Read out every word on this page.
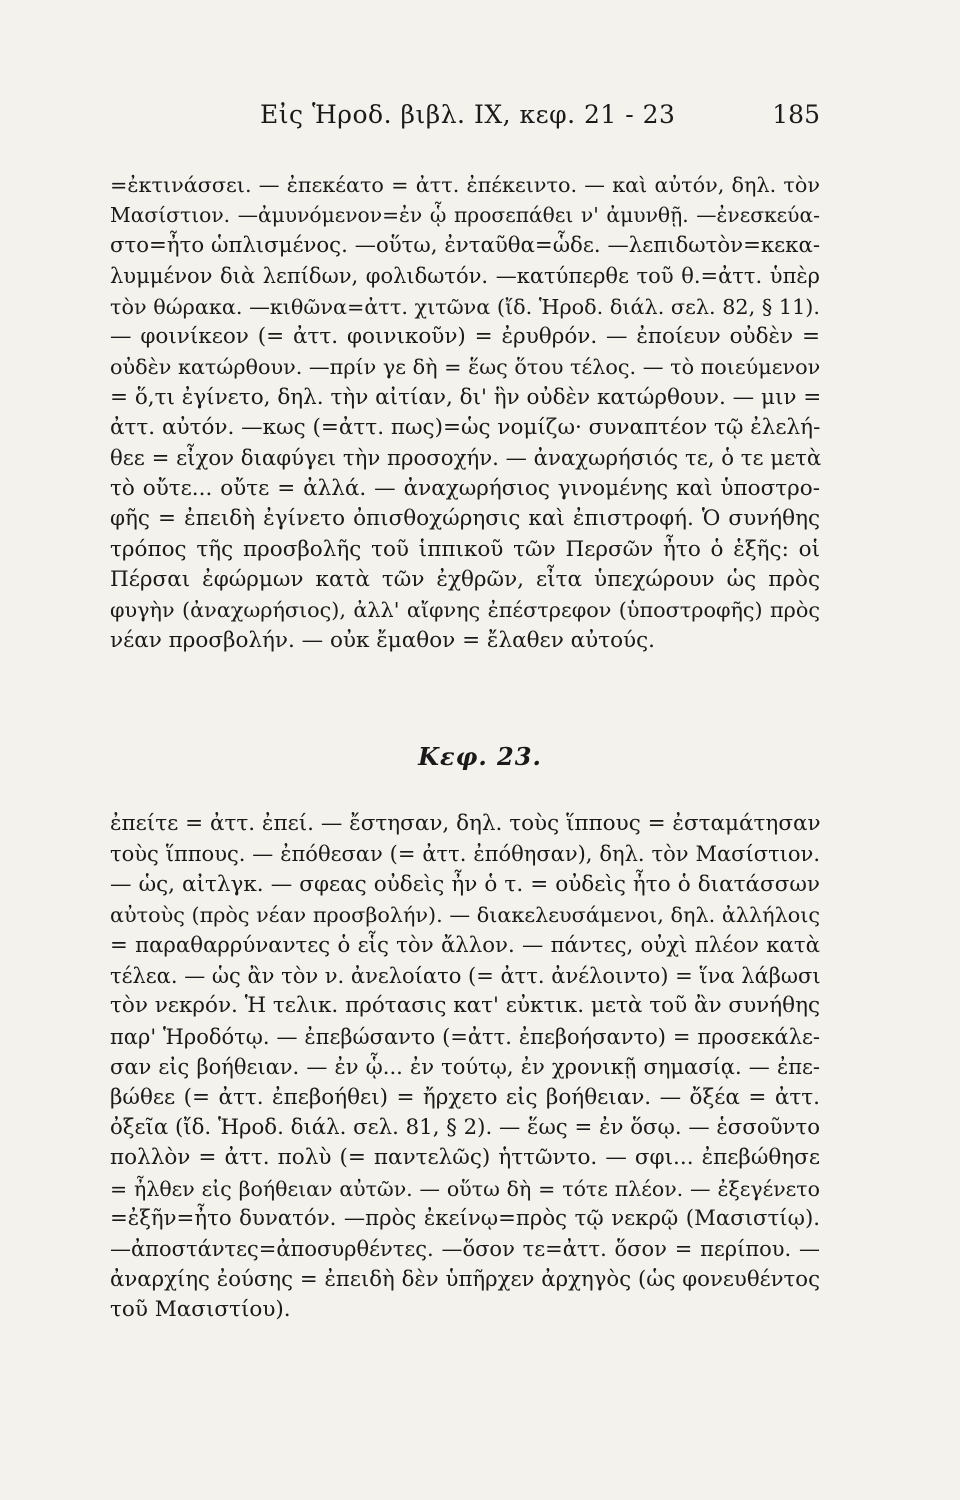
Εἰς Ἡροδ. βιβλ. IX, κεφ. 21 - 23	185
=ἐκτινάσσει. — ἐπεκέατο = ἀττ. ἐπέκειντο. — καὶ αὐτόν, δηλ. τὸν
Μασίστιον. —ἀμυνόμενον=ἐν ᾧ προσεπάθει ν' ἀμυνθῇ. —ἐνεσκεύα-
στο=ἦτο ὡπλισμένος. —οὕτω, ἐνταῦθα=ὧδε. —λεπιδωτὸν=κεκα-
λυμμένον διὰ λεπίδων, φολιδωτόν. —κατύπερθε τοῦ θ.=ἀττ. ὑπὲρ
τὸν θώρακα. —κιθῶνα=ἀττ. χιτῶνα (ἴδ. Ἡροδ. διάλ. σελ. 82, § 11).
— φοινίκεον (= ἀττ. φοινικοῦν) = ἐρυθρόν. — ἐποίευν οὐδὲν =
οὐδὲν κατώρθουν. —πρίν γε δὴ = ἕως ὅτου τέλος. — τὸ ποιεύμενον
= ὅ,τι ἐγίνετο, δηλ. τὴν αἰτίαν, δι' ἣν οὐδὲν κατώρθουν. — μιν =
ἀττ. αὐτόν. —κως (=ἀττ. πως)=ὡς νομίζω· συναπτέον τῷ ἐλελή-
θεε = εἶχον διαφύγει τὴν προσοχήν. — ἀναχωρήσιός τε, ὁ τε μετὰ
τὸ οὔτε... οὔτε = ἀλλά. — ἀναχωρήσιος γινομένης καὶ ὑποστρο-
φῆς = ἐπειδὴ ἐγίνετο ὀπισθοχώρησις καὶ ἐπιστροφή. Ὁ συνήθης
τρόπος τῆς προσβολῆς τοῦ ἱππικοῦ τῶν Περσῶν ἦτο ὁ ἑξῆς: οἱ
Πέρσαι ἐφώρμων κατὰ τῶν ἐχθρῶν, εἶτα ὑπεχώρουν ὡς πρὸς
φυγὴν (ἀναχωρήσιος), ἀλλ' αἴφνης ἐπέστρεφον (ὑποστροφῆς) πρὸς
νέαν προσβολήν. — οὐκ ἔμαθον = ἔλαθεν αὐτούς.
Κεφ. 23.
ἐπείτε = ἀττ. ἐπεί. — ἔστησαν, δηλ. τοὺς ἵππους = ἐσταμάτησαν
τοὺς ἵππους. — ἐπόθεσαν (= ἀττ. ἐπόθησαν), δηλ. τὸν Μασίστιον.
— ὡς, αἰτλγκ. — σφεας οὐδεὶς ἦν ὁ τ. = οὐδεὶς ἦτο ὁ διατάσσων
αὐτοὺς (πρὸς νέαν προσβολήν). — διακελευσάμενοι, δηλ. ἀλλήλοις
= παραθαρρύναντες ὁ εἷς τὸν ἄλλον. — πάντες, οὐχὶ πλέον κατὰ
τέλεα. — ὡς ἂν τὸν ν. ἀνελοίατο (= ἀττ. ἀνέλοιντο) = ἵνα λάβωσι
τὸν νεκρόν. Ἡ τελικ. πρότασις κατ' εὐκτικ. μετὰ τοῦ ἂν συνήθης
παρ' Ἡροδότῳ. — ἐπεβώσαντο (=ἀττ. ἐπεβοήσαντο) = προσεκάλε-
σαν εἰς βοήθειαν. — ἐν ᾧ... ἐν τούτῳ, ἐν χρονικῇ σημασίᾳ. — ἐπε-
βώθεε (= ἀττ. ἐπεβοήθει) = ἤρχετο εἰς βοήθειαν. — ὄξέα = ἀττ.
ὀξεῖα (ἴδ. Ἡροδ. διάλ. σελ. 81, § 2). — ἕως = ἐν ὅσῳ. — ἑσσοῦντο
πολλὸν = ἀττ. πολὺ (= παντελῶς) ἡττῶντο. — σφι... ἐπεβώθησε
= ἦλθεν εἰς βοήθειαν αὐτῶν. — οὕτω δὴ = τότε πλέον. — ἐξεγένετο
=ἐξῆν=ἦτο δυνατόν. —πρὸς ἐκείνῳ=πρὸς τῷ νεκρῷ (Μασιστίῳ).
—ἀποστάντες=ἀποσυρθέντες. —ὅσον τε=ἀττ. ὅσον = περίπου. —
ἀναρχίης ἐούσης = ἐπειδὴ δὲν ὑπῆρχεν ἀρχηγὸς (ὡς φονευθέντος
τοῦ Μασιστίου).
